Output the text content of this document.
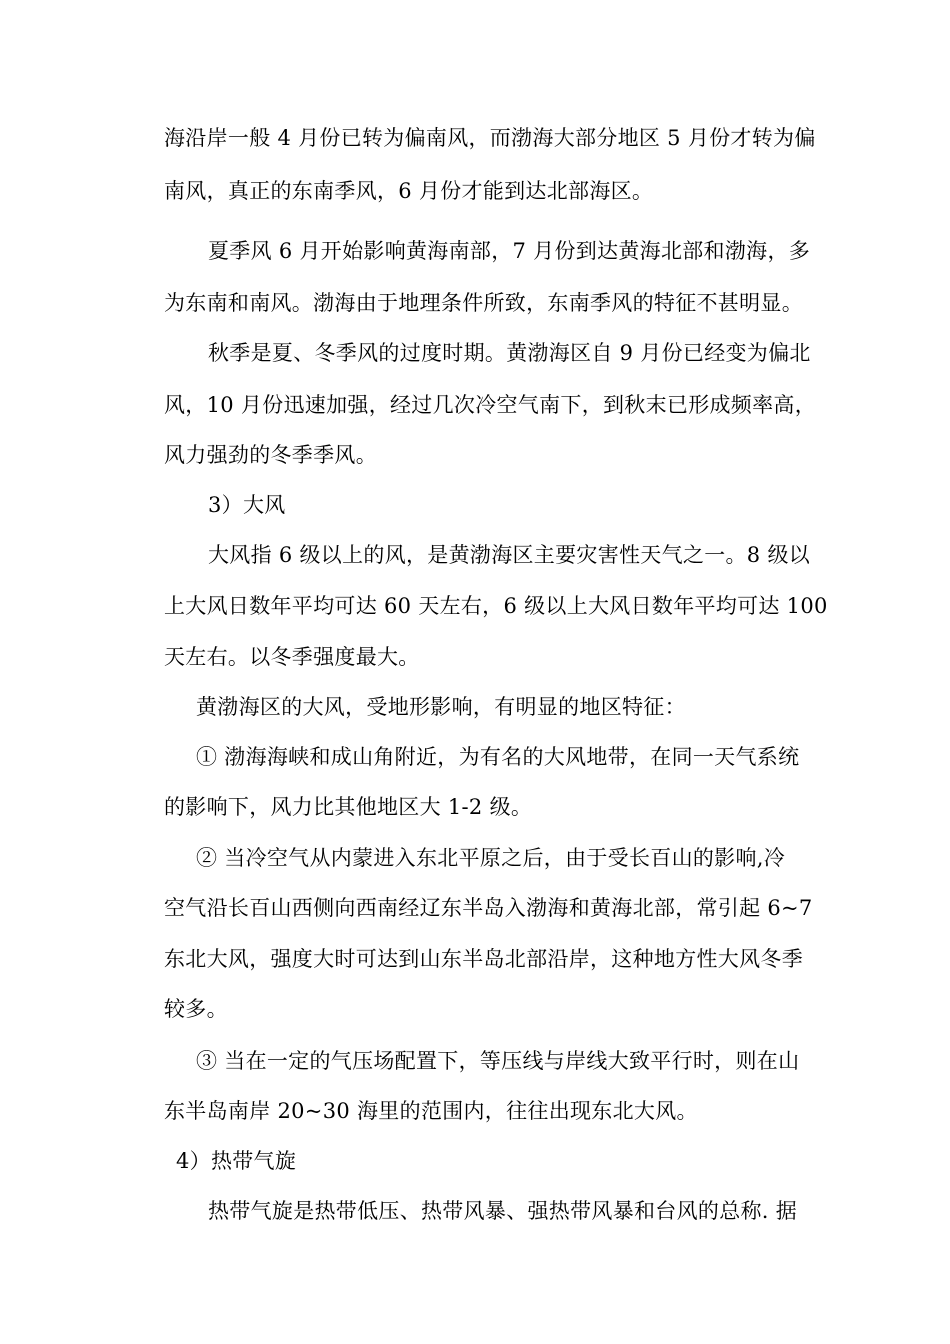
海沿岸一般 4 月份已转为偏南风，而渤海大部分地区 5 月份才转为偏
南风，真正的东南季风，6 月份才能到达北部海区。
夏季风 6 月开始影响黄海南部，7 月份到达黄海北部和渤海，多
为东南和南风。渤海由于地理条件所致，东南季风的特征不甚明显。
秋季是夏、冬季风的过度时期。黄渤海区自 9 月份已经变为偏北
风，10 月份迅速加强，经过几次冷空气南下，到秋末已形成频率高，
风力强劲的冬季季风。
3）大风
大风指 6 级以上的风，是黄渤海区主要灾害性天气之一。8 级以
上大风日数年平均可达 60 天左右，6 级以上大风日数年平均可达 100
天左右。以冬季强度最大。
黄渤海区的大风，受地形影响，有明显的地区特征：
① 渤海海峡和成山角附近，为有名的大风地带，在同一天气系统
的影响下，风力比其他地区大 1-2 级。
② 当冷空气从内蒙进入东北平原之后，由于受长百山的影响,冷
空气沿长百山西侧向西南经辽东半岛入渤海和黄海北部，常引起 6~7
东北大风，强度大时可达到山东半岛北部沿岸，这种地方性大风冬季
较多。
③ 当在一定的气压场配置下，等压线与岸线大致平行时，则在山
东半岛南岸 20~30 海里的范围内，往往出现东北大风。
4）热带气旋
热带气旋是热带低压、热带风暴、强热带风暴和台风的总称. 据
